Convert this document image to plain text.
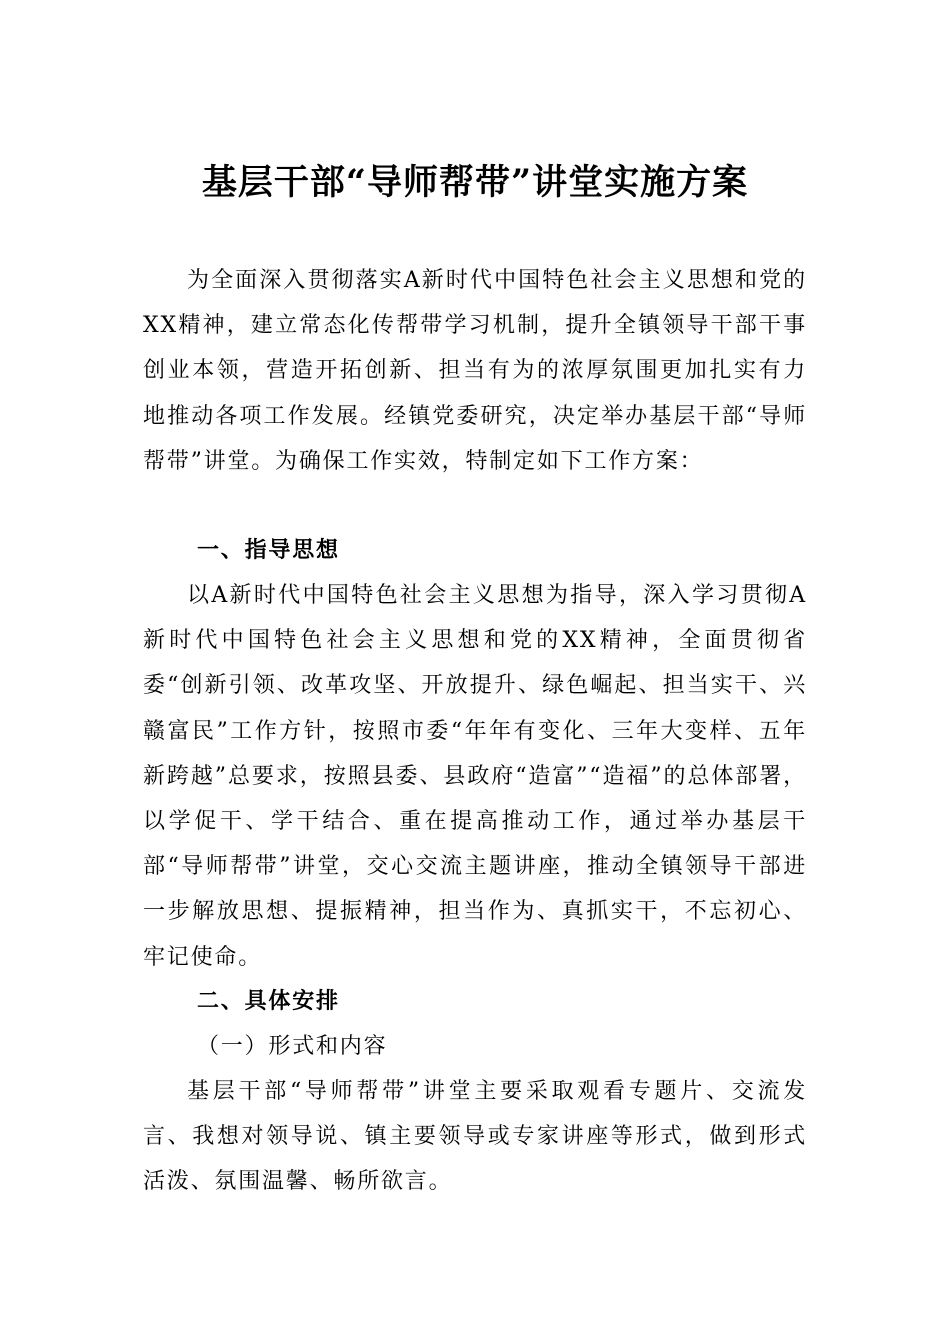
基层干部“导师帮带”讲堂实施方案
为全面深入贯彻落实A新时代中国特色社会主义思想和党的XX精神，建立常态化传帮带学习机制，提升全镇领导干部干事创业本领，营造开拓创新、担当有为的浓厚氛围更加扎实有力地推动各项工作发展。经镇党委研究，决定举办基层干部“导师帮带”讲堂。为确保工作实效，特制定如下工作方案：
一、指导思想
以A新时代中国特色社会主义思想为指导，深入学习贯彻A新时代中国特色社会主义思想和党的XX精神，全面贯彻省委“创新引领、改革攻坚、开放提升、绿色崛起、担当实干、兴赣富民”工作方针，按照市委“年年有变化、三年大变样、五年新跨越”总要求，按照县委、县政府“造富”“造福”的总体部署，以学促干、学干结合、重在提高推动工作，通过举办基层干部“导师帮带”讲堂，交心交流主题讲座，推动全镇领导干部进一步解放思想、提振精神，担当作为、真抓实干，不忘初心、牢记使命。
二、具体安排
（一）形式和内容
基层干部“导师帮带”讲堂主要采取观看专题片、交流发言、我想对领导说、镇主要领导或专家讲座等形式，做到形式活泼、氛围温馨、畅所欲言。
